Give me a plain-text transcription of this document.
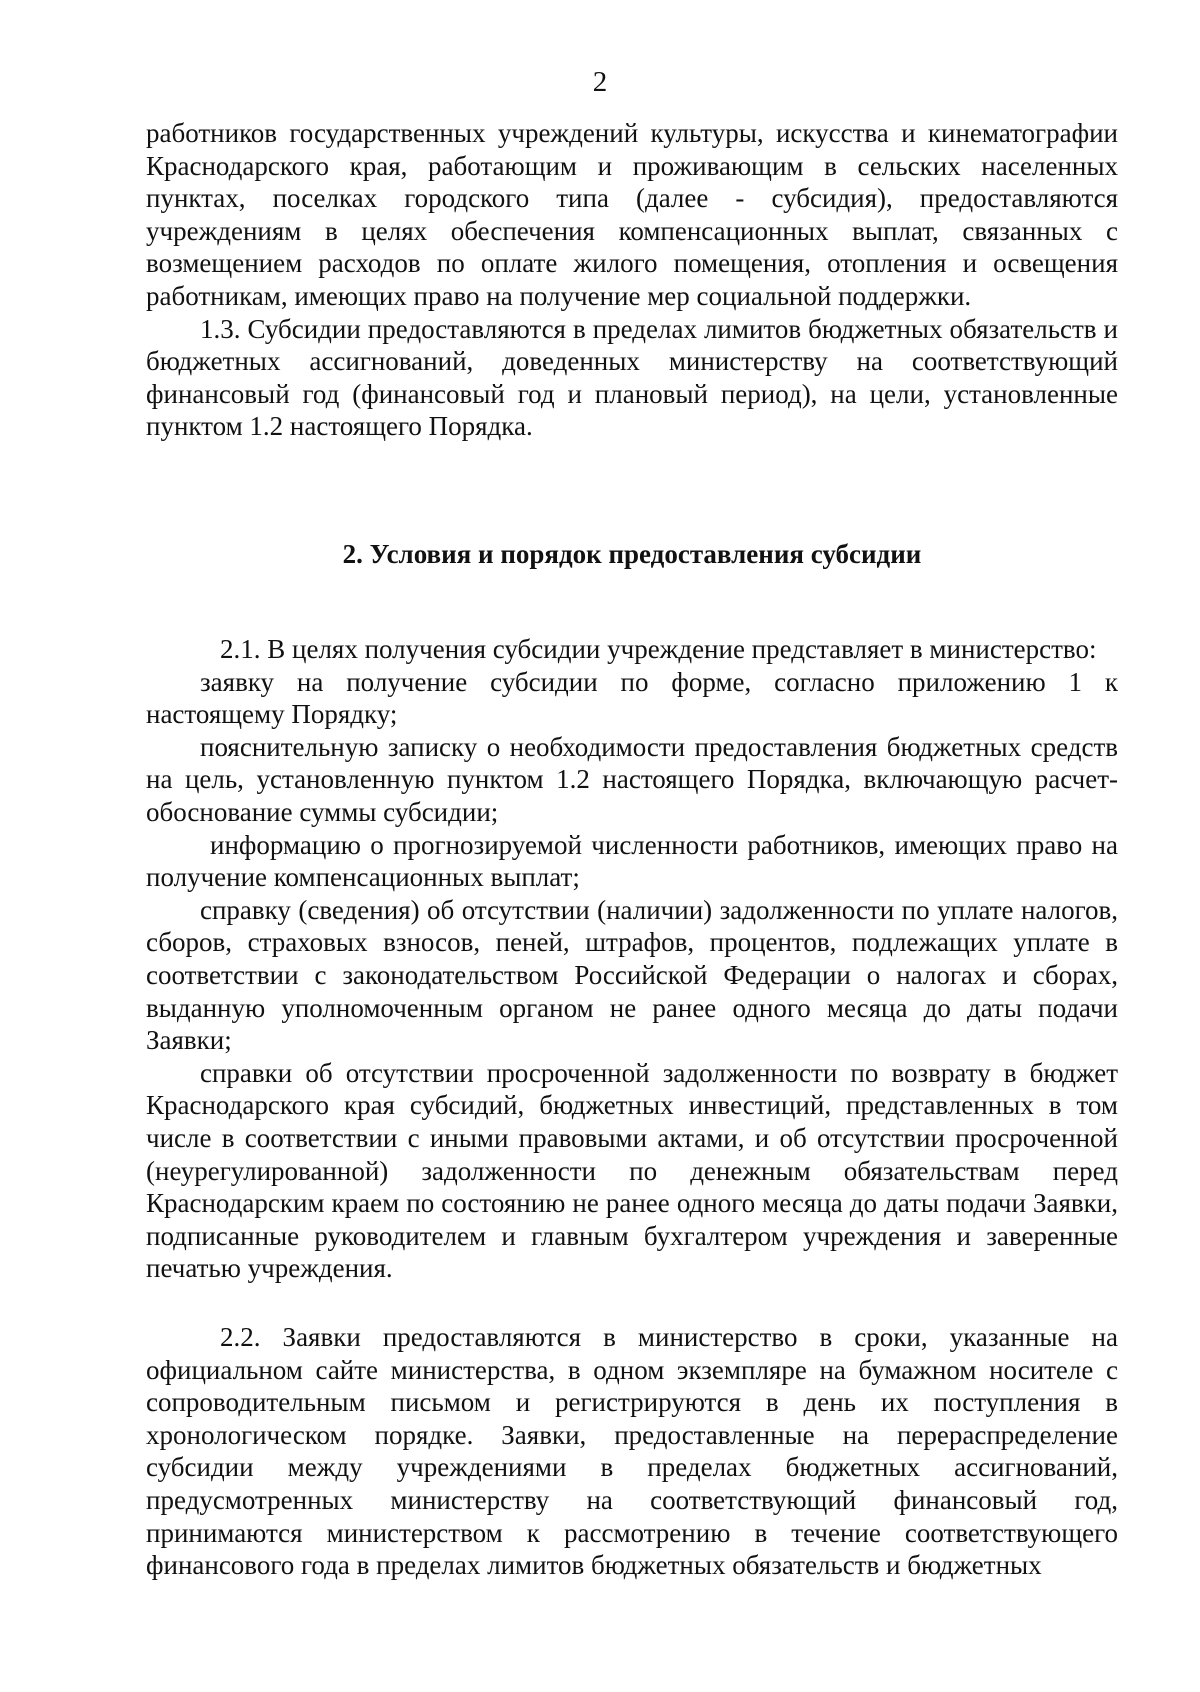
2

работников государственных учреждений культуры, искусства и кинематографии Краснодарского края, работающим и проживающим в сельских населенных пунктах, поселках городского типа (далее - субсидия), предоставляются учреждениям в целях обеспечения компенсационных выплат, связанных с возмещением расходов по оплате жилого помещения, отопления и освещения работникам, имеющих право на получение мер социальной поддержки.

1.3. Субсидии предоставляются в пределах лимитов бюджетных обязательств и бюджетных ассигнований, доведенных министерству на соответствующий финансовый год (финансовый год и плановый период), на цели, установленные пунктом 1.2 настоящего Порядка.

2. Условия и порядок предоставления субсидии

2.1. В целях получения субсидии учреждение представляет в министерство:

заявку на получение субсидии по форме, согласно приложению 1 к настоящему Порядку;

пояснительную записку о необходимости предоставления бюджетных средств на цель, установленную пунктом 1.2 настоящего Порядка, включающую расчет-обоснование суммы субсидии;

информацию о прогнозируемой численности работников, имеющих право на получение компенсационных выплат;

справку (сведения) об отсутствии (наличии) задолженности по уплате налогов, сборов, страховых взносов, пеней, штрафов, процентов, подлежащих уплате в соответствии с законодательством Российской Федерации о налогах и сборах, выданную уполномоченным органом не ранее одного месяца до даты подачи Заявки;

справки об отсутствии просроченной задолженности по возврату в бюджет Краснодарского края субсидий, бюджетных инвестиций, представленных в том числе в соответствии с иными правовыми актами, и об отсутствии просроченной (неурегулированной) задолженности по денежным обязательствам перед Краснодарским краем по состоянию не ранее одного месяца до даты подачи Заявки, подписанные руководителем и главным бухгалтером учреждения и заверенные печатью учреждения.

2.2. Заявки предоставляются в министерство в сроки, указанные на официальном сайте министерства, в одном экземпляре на бумажном носителе с сопроводительным письмом и регистрируются в день их поступления в хронологическом порядке. Заявки, предоставленные на перераспределение субсидии между учреждениями в пределах бюджетных ассигнований, предусмотренных министерству на соответствующий финансовый год, принимаются министерством к рассмотрению в течение соответствующего финансового года в пределах лимитов бюджетных обязательств и бюджетных
